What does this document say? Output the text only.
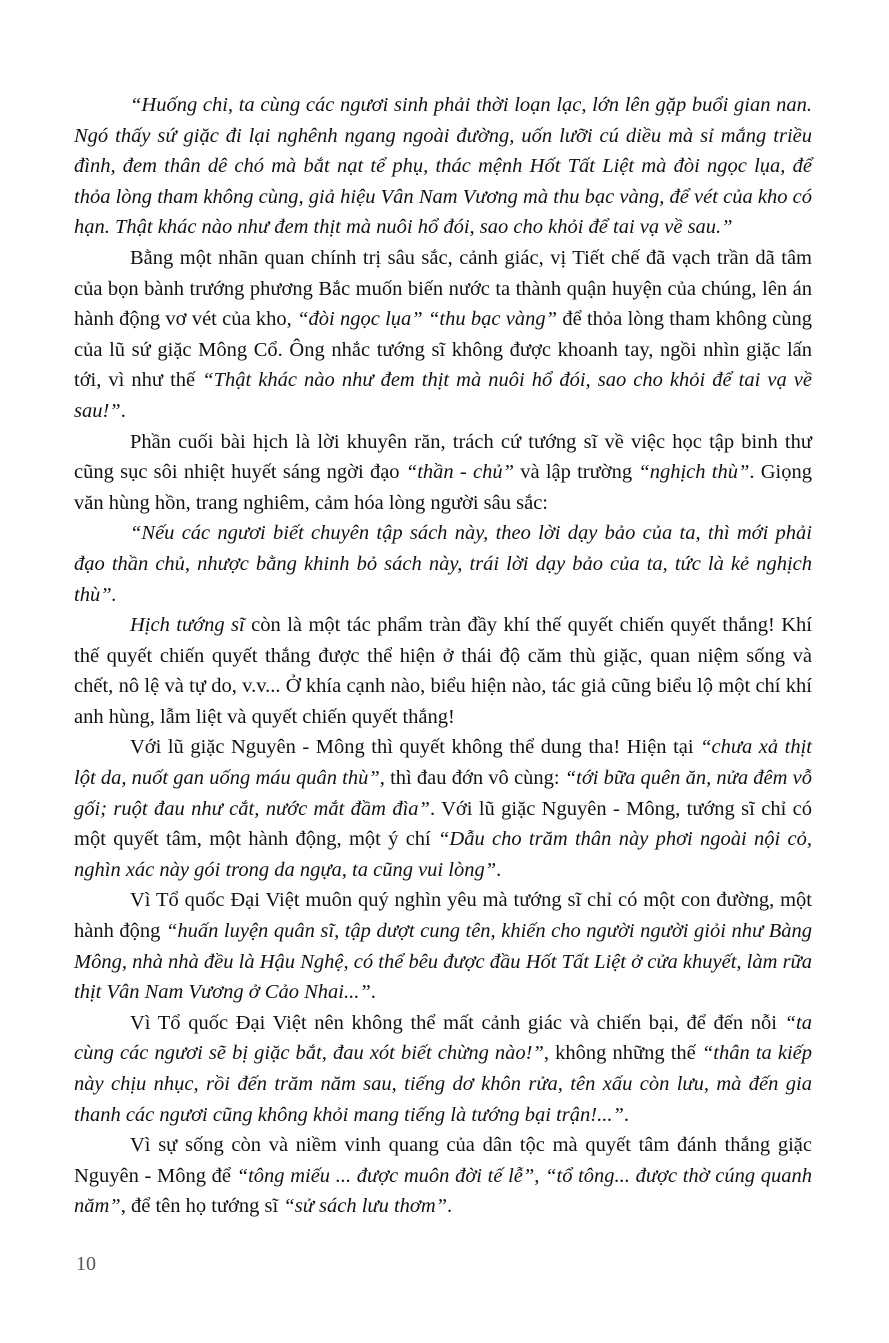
“Huống chi, ta cùng các ngươi sinh phải thời loạn lạc, lớn lên gặp buổi gian nan. Ngó thấy sứ giặc đi lại nghênh ngang ngoài đường, uốn lưỡi cú diều mà sỉ mắng triều đình, đem thân dê chó mà bắt nạt tể phụ, thác mệnh Hốt Tất Liệt mà đòi ngọc lụa, để thỏa lòng tham không cùng, giả hiệu Vân Nam Vương mà thu bạc vàng, để vét của kho có hạn. Thật khác nào như đem thịt mà nuôi hổ đói, sao cho khỏi để tai vạ về sau.”

Bằng một nhãn quan chính trị sâu sắc, cảnh giác, vị Tiết chế đã vạch trần dã tâm của bọn bành trướng phương Bắc muốn biến nước ta thành quận huyện của chúng, lên án hành động vơ vét của kho, “đòi ngọc lụa” “thu bạc vàng” để thỏa lòng tham không cùng của lũ sứ giặc Mông Cổ. Ông nhắc tướng sĩ không được khoanh tay, ngồi nhìn giặc lấn tới, vì như thế “Thật khác nào như đem thịt mà nuôi hổ đói, sao cho khỏi để tai vạ về sau!”.

Phần cuối bài hịch là lời khuyên răn, trách cứ tướng sĩ về việc học tập binh thư cũng sục sôi nhiệt huyết sáng ngời đạo “thần - chủ” và lập trường “nghịch thù”. Giọng văn hùng hồn, trang nghiêm, cảm hóa lòng người sâu sắc:

“Nếu các ngươi biết chuyên tập sách này, theo lời dạy bảo của ta, thì mới phải đạo thần chủ, nhược bằng khinh bỏ sách này, trái lời dạy bảo của ta, tức là kẻ nghịch thù”.

Hịch tướng sĩ còn là một tác phẩm tràn đầy khí thế quyết chiến quyết thắng! Khí thế quyết chiến quyết thắng được thể hiện ở thái độ căm thù giặc, quan niệm sống và chết, nô lệ và tự do, v.v... Ở khía cạnh nào, biểu hiện nào, tác giả cũng biểu lộ một chí khí anh hùng, lẫm liệt và quyết chiến quyết thắng!

Với lũ giặc Nguyên - Mông thì quyết không thể dung tha! Hiện tại “chưa xả thịt lột da, nuốt gan uống máu quân thù”, thì đau đớn vô cùng: “tới bữa quên ăn, nửa đêm vỗ gối; ruột đau như cắt, nước mắt đầm đìa”. Với lũ giặc Nguyên - Mông, tướng sĩ chỉ có một quyết tâm, một hành động, một ý chí “Dẫu cho trăm thân này phơi ngoài nội cỏ, nghìn xác này gói trong da ngựa, ta cũng vui lòng”.

Vì Tổ quốc Đại Việt muôn quý nghìn yêu mà tướng sĩ chỉ có một con đường, một hành động “huấn luyện quân sĩ, tập dượt cung tên, khiến cho người người giỏi như Bàng Mông, nhà nhà đều là Hậu Nghệ, có thể bêu được đầu Hốt Tất Liệt ở cửa khuyết, làm rữa thịt Vân Nam Vương ở Cảo Nhai...”.

Vì Tổ quốc Đại Việt nên không thể mất cảnh giác và chiến bại, để đến nỗi “ta cùng các ngươi sẽ bị giặc bắt, đau xót biết chừng nào!”, không những thế “thân ta kiếp này chịu nhục, rồi đến trăm năm sau, tiếng dơ khôn rửa, tên xấu còn lưu, mà đến gia thanh các ngươi cũng không khỏi mang tiếng là tướng bại trận!...”.

Vì sự sống còn và niềm vinh quang của dân tộc mà quyết tâm đánh thắng giặc Nguyên - Mông để “tông miếu ... được muôn đời tế lễ”, “tổ tông... được thờ cúng quanh năm”, để tên họ tướng sĩ “sử sách lưu thơm”.

10
